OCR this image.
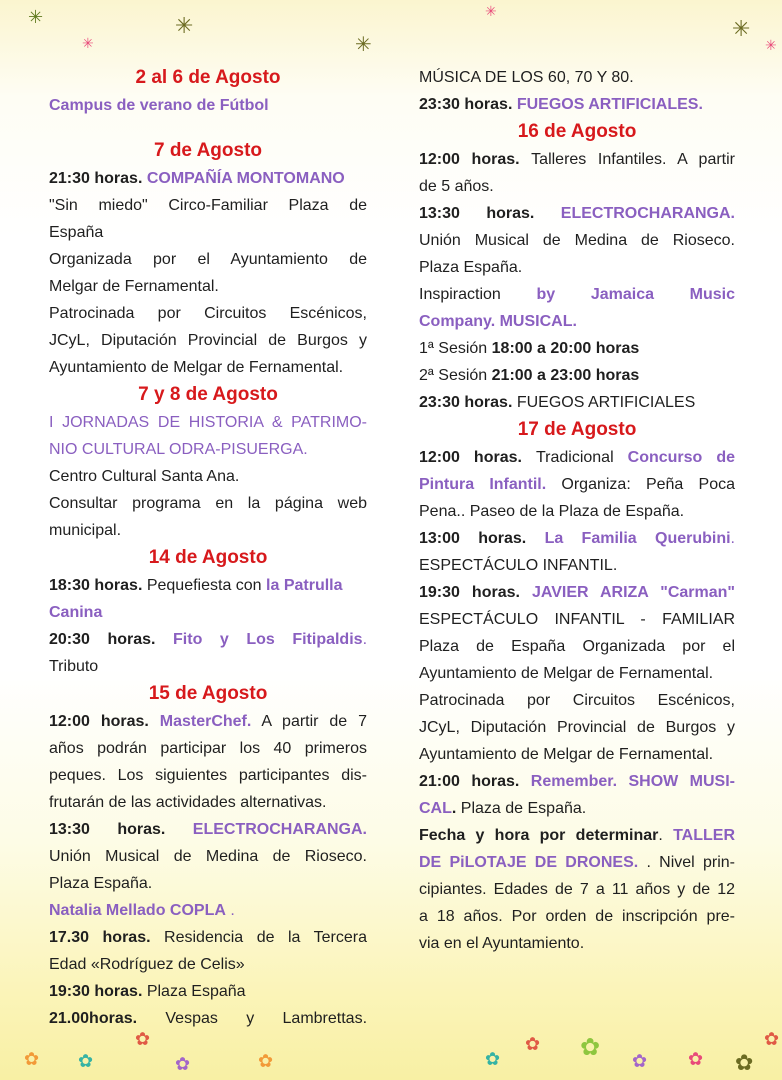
✳
✳
✳
✳
✳
✳
✳
✿ ✿
✿
✿	✿	✿
✿ ✿ ✿ ✿ ✿
✿

2 al 6 de Agosto

Campus de verano de Fútbol

7 de Agosto

21:30 horas. COMPAÑÍA MONTOMANO

"Sin miedo" Circo-Familiar Plaza de

España

Organizada por el Ayuntamiento de

Melgar de Fernamental.

Patrocinada por Circuitos Escénicos,

JCyL, Diputación Provincial de Burgos y

Ayuntamiento de Melgar de Fernamental.

7 y 8 de Agosto

I JORNADAS DE HISTORIA & PATRIMO-

NIO CULTURAL ODRA-PISUERGA.

Centro Cultural Santa Ana.

Consultar programa en la página web

municipal.

14 de Agosto

18:30 horas. Pequefiesta con la Patrulla

Canina

20:30 horas. Fito y Los Fitipaldis.

Tributo

15 de Agosto

12:00 horas. MasterChef. A partir de 7

años podrán participar los 40 primeros

peques. Los siguientes participantes dis-

frutarán de las actividades alternativas.

13:30 horas. ELECTROCHARANGA.

Unión Musical de Medina de Rioseco.

Plaza España.

Natalia Mellado COPLA .

17.30 horas. Residencia de la Tercera

Edad «Rodríguez de Celis»

19:30 horas. Plaza España

21.00horas. Vespas y Lambrettas.

MÚSICA DE LOS 60, 70 Y 80.

23:30 horas. FUEGOS ARTIFICIALES.

16 de Agosto

12:00 horas. Talleres Infantiles. A partir

de 5 años.

13:30 horas. ELECTROCHARANGA.

Unión Musical de Medina de Rioseco.

Plaza España.

Inspiraction by Jamaica Music

Company. MUSICAL.

1ª Sesión 18:00 a 20:00 horas

2ª Sesión 21:00 a 23:00 horas

23:30 horas. FUEGOS ARTIFICIALES

17 de Agosto

12:00 horas. Tradicional Concurso de

Pintura Infantil. Organiza: Peña Poca

Pena.. Paseo de la Plaza de España.

13:00 horas. La Familia Querubini.

ESPECTÁCULO INFANTIL.

19:30 horas. JAVIER ARIZA "Carman"

ESPECTÁCULO INFANTIL - FAMILIAR

Plaza de España Organizada por el

Ayuntamiento de Melgar de Fernamental.

Patrocinada por Circuitos Escénicos,

JCyL, Diputación Provincial de Burgos y

Ayuntamiento de Melgar de Fernamental.

21:00 horas. Remember. SHOW MUSI-

CAL. Plaza de España.

Fecha y hora por determinar. TALLER

DE PiLOTAJE DE DRONES. . Nivel prin-

cipiantes. Edades de 7 a 11 años y de 12

a 18 años. Por orden de inscripción pre-

via en el Ayuntamiento.
